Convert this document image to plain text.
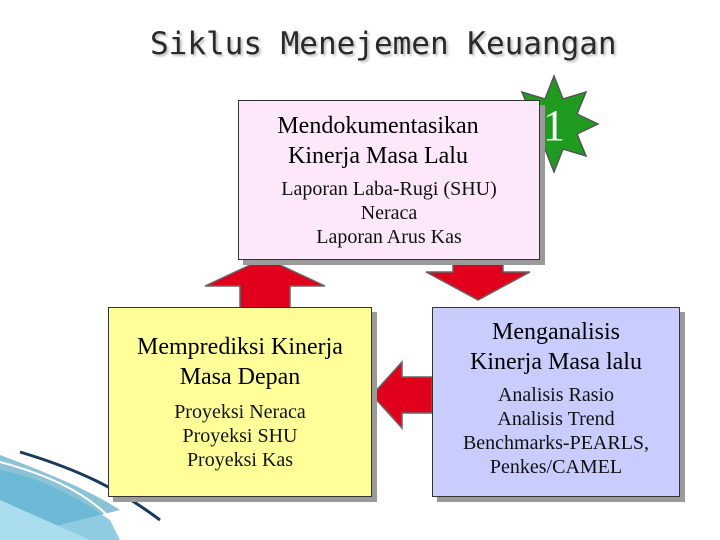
Siklus Menejemen Keuangan
Mendokumentasikan
Kinerja Masa Lalu
Laporan Laba-Rugi (SHU)
Neraca
Laporan Arus Kas
1
Memprediksi Kinerja
Masa Depan
Proyeksi Neraca
Proyeksi SHU
Proyeksi Kas
Menganalisis
Kinerja Masa lalu
Analisis Rasio
Analisis Trend
Benchmarks-PEARLS,
Penkes/CAMEL
